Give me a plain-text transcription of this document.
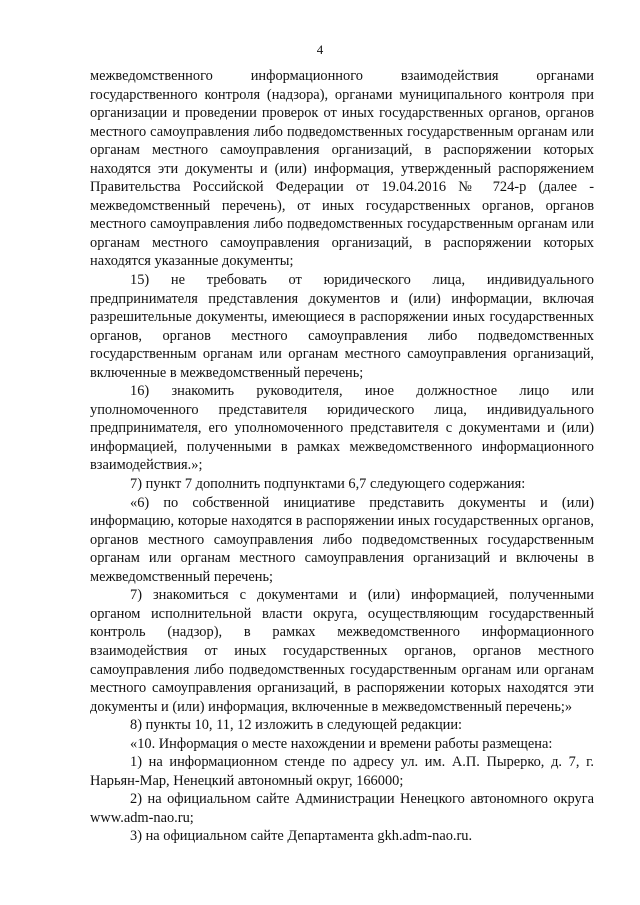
4

межведомственного информационного взаимодействия органами государственного контроля (надзора), органами муниципального контроля при организации и проведении проверок от иных государственных органов, органов местного самоуправления либо подведомственных государственным органам или органам местного самоуправления организаций, в распоряжении которых находятся эти документы и (или) информация, утвержденный распоряжением Правительства Российской Федерации от 19.04.2016 № 724-р (далее - межведомственный перечень), от иных государственных органов, органов местного самоуправления либо подведомственных государственным органам или органам местного самоуправления организаций, в распоряжении которых находятся указанные документы;

15) не требовать от юридического лица, индивидуального предпринимателя представления документов и (или) информации, включая разрешительные документы, имеющиеся в распоряжении иных государственных органов, органов местного самоуправления либо подведомственных государственным органам или органам местного самоуправления организаций, включенные в межведомственный перечень;

16) знакомить руководителя, иное должностное лицо или уполномоченного представителя юридического лица, индивидуального предпринимателя, его уполномоченного представителя с документами и (или) информацией, полученными в рамках межведомственного информационного взаимодействия.»;

7) пункт 7 дополнить подпунктами 6,7 следующего содержания:

«6) по собственной инициативе представить документы и (или) информацию, которые находятся в распоряжении иных государственных органов, органов местного самоуправления либо подведомственных государственным органам или органам местного самоуправления организаций и включены в межведомственный перечень;

7) знакомиться с документами и (или) информацией, полученными органом исполнительной власти округа, осуществляющим государственный контроль (надзор), в рамках межведомственного информационного взаимодействия от иных государственных органов, органов местного самоуправления либо подведомственных государственным органам или органам местного самоуправления организаций, в распоряжении которых находятся эти документы и (или) информация, включенные в межведомственный перечень;»

8) пункты 10, 11, 12 изложить в следующей редакции:

«10. Информация о месте нахождении и времени работы размещена:

1) на информационном стенде по адресу ул. им. А.П. Пырерко, д. 7, г. Нарьян-Мар, Ненецкий автономный округ, 166000;

2) на официальном сайте Администрации Ненецкого автономного округа www.adm-nao.ru;

3) на официальном сайте Департамента gkh.adm-nao.ru.
